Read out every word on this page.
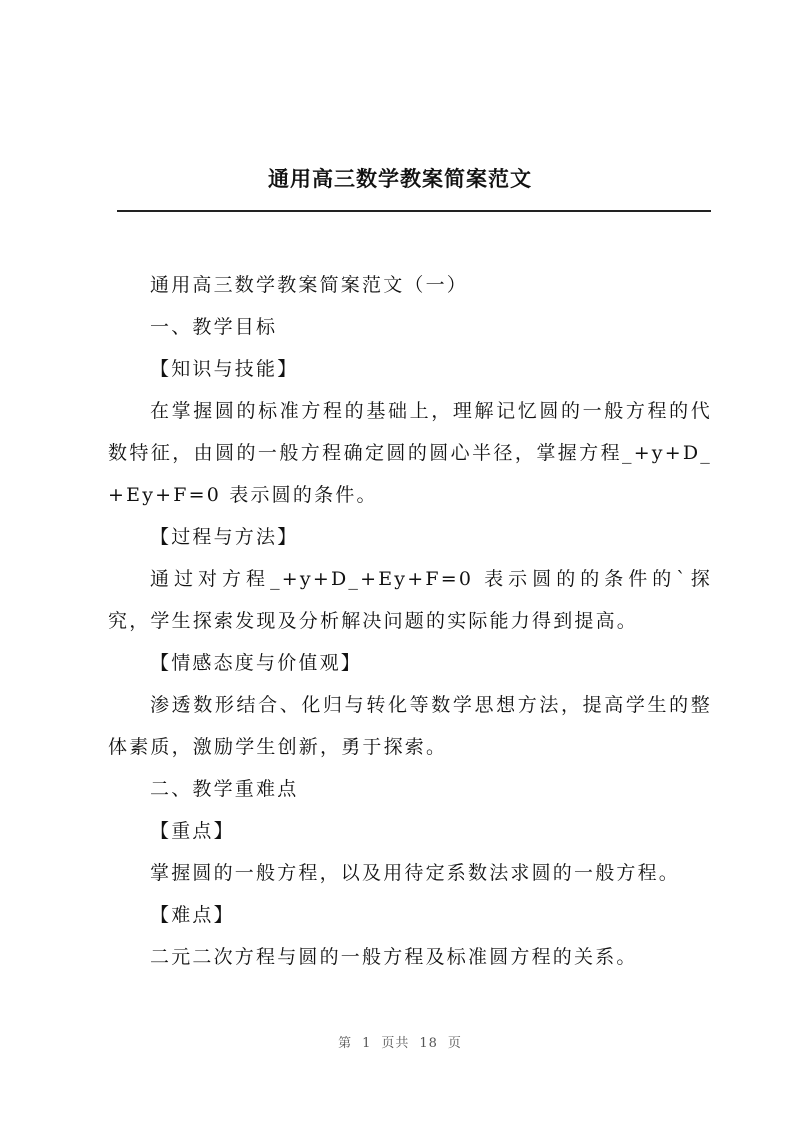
通用高三数学教案简案范文

通用高三数学教案简案范文（一）

一、教学目标

【知识与技能】

在掌握圆的标准方程的基础上，理解记忆圆的一般方程的代数特征，由圆的一般方程确定圆的圆心半径，掌握方程_+y+D_+Ey+F=0 表示圆的条件。

【过程与方法】

通过对方程_+y+D_+Ey+F=0 表示圆的的条件的`探究，学生探索发现及分析解决问题的实际能力得到提高。

【情感态度与价值观】

渗透数形结合、化归与转化等数学思想方法，提高学生的整体素质，激励学生创新，勇于探索。

二、教学重难点

【重点】

掌握圆的一般方程，以及用待定系数法求圆的一般方程。

【难点】

二元二次方程与圆的一般方程及标准圆方程的关系。

第 1 页共 18 页
